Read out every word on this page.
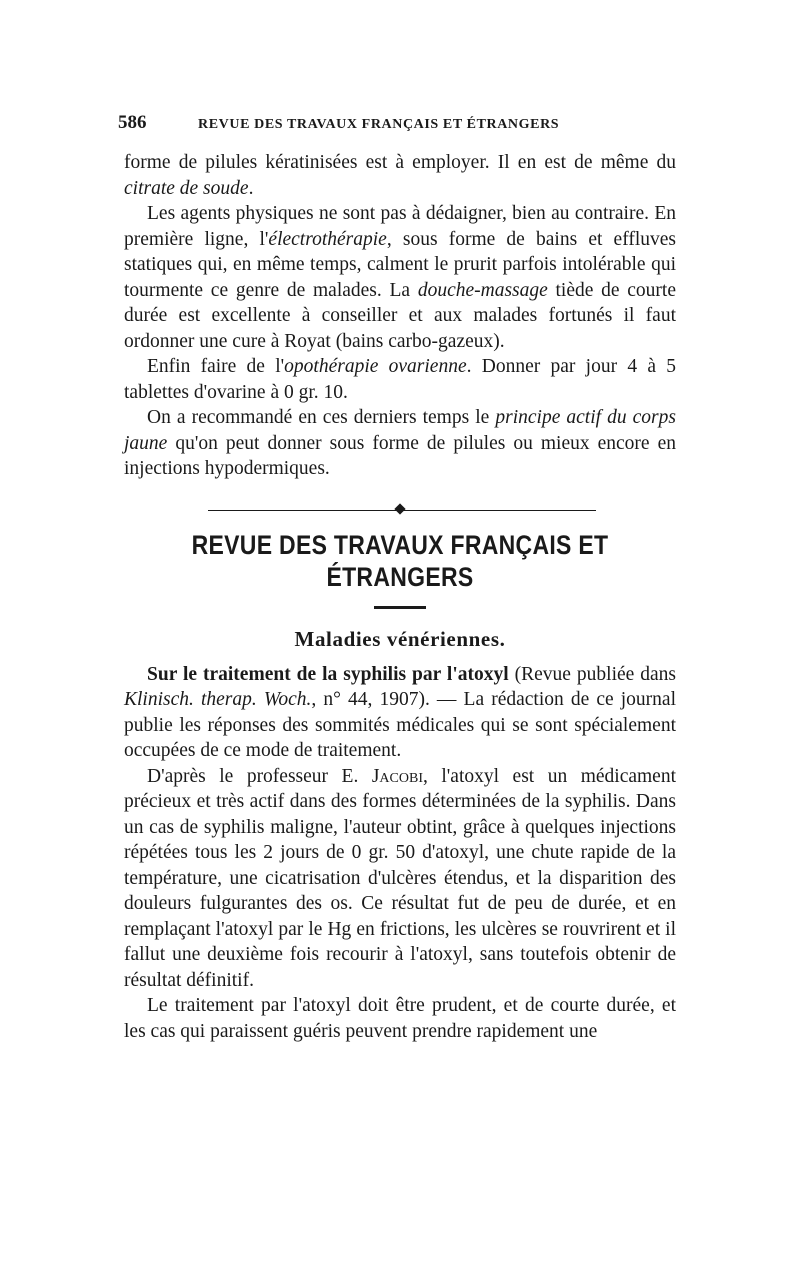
586	REVUE DES TRAVAUX FRANÇAIS ET ÉTRANGERS

forme de pilules kératinisées est à employer. Il en est de même du citrate de soude.

Les agents physiques ne sont pas à dédaigner, bien au contraire. En première ligne, l'électrothérapie, sous forme de bains et effluves statiques qui, en même temps, calment le prurit parfois intolérable qui tourmente ce genre de malades. La douche-massage tiède de courte durée est excellente à conseiller et aux malades fortunés il faut ordonner une cure à Royat (bains carbo-gazeux).

Enfin faire de l'opothérapie ovarienne. Donner par jour 4 à 5 tablettes d'ovarine à 0 gr. 10.

On a recommandé en ces derniers temps le principe actif du corps jaune qu'on peut donner sous forme de pilules ou mieux encore en injections hypodermiques.

REVUE DES TRAVAUX FRANÇAIS ET ÉTRANGERS
Maladies vénériennes.

Sur le traitement de la syphilis par l'atoxyl (Revue publiée dans Klinisch. therap. Woch., n° 44, 1907). — La rédaction de ce journal publie les réponses des sommités médicales qui se sont spécialement occupées de ce mode de traitement.

D'après le professeur E. Jacobi, l'atoxyl est un médicament précieux et très actif dans des formes déterminées de la syphilis. Dans un cas de syphilis maligne, l'auteur obtint, grâce à quelques injections répétées tous les 2 jours de 0 gr. 50 d'atoxyl, une chute rapide de la température, une cicatrisation d'ulcères étendus, et la disparition des douleurs fulgurantes des os. Ce résultat fut de peu de durée, et en remplaçant l'atoxyl par le Hg en frictions, les ulcères se rouvrirent et il fallut une deuxième fois recourir à l'atoxyl, sans toutefois obtenir de résultat définitif.

Le traitement par l'atoxyl doit être prudent, et de courte durée, et les cas qui paraissent guéris peuvent prendre rapidement une
